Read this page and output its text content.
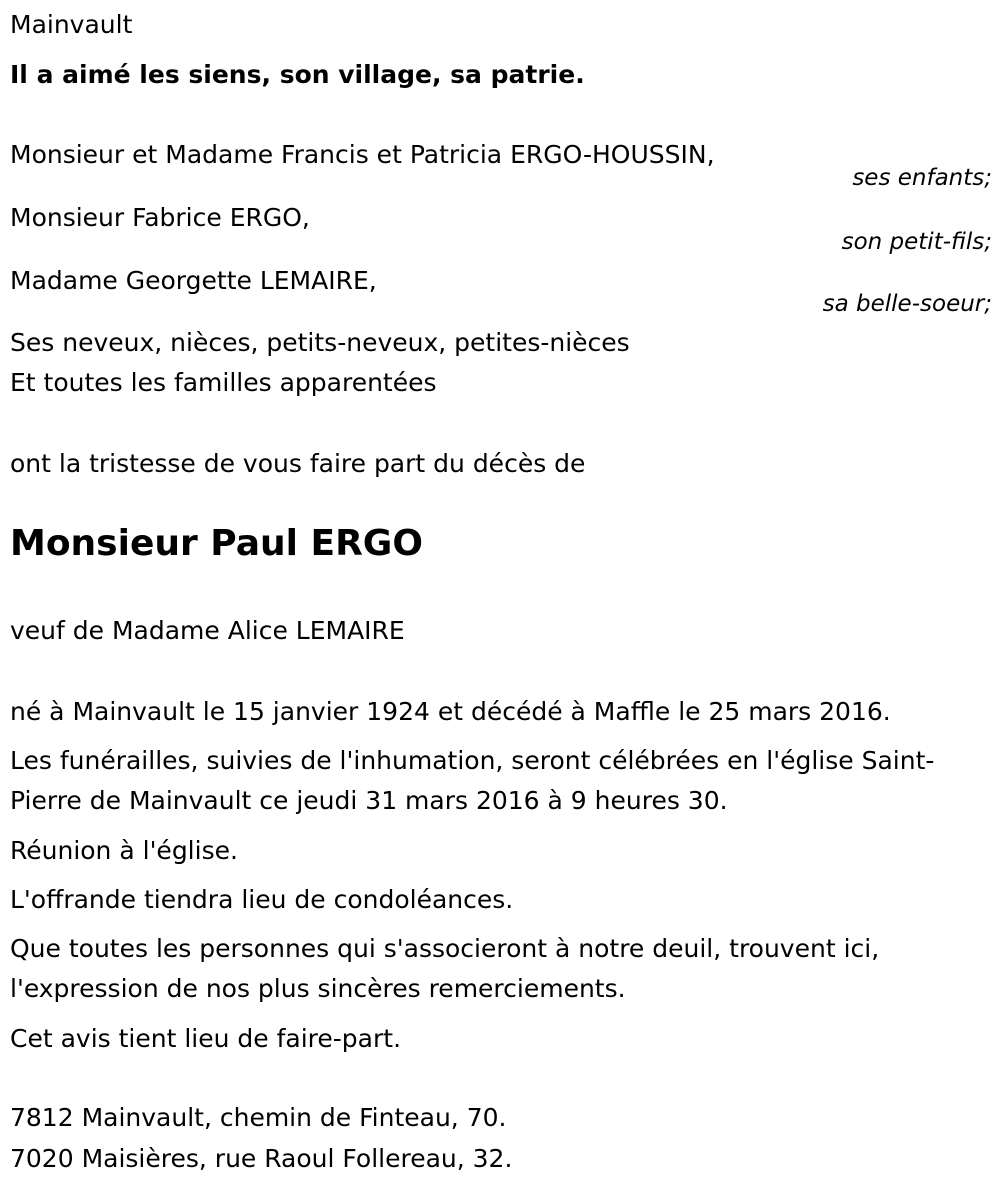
Mainvault
Il a aimé les siens, son village, sa patrie.
Monsieur et Madame Francis et Patricia ERGO-HOUSSIN,
ses enfants;
Monsieur Fabrice ERGO,
son petit-fils;
Madame Georgette LEMAIRE,
sa belle-soeur;
Ses neveux, nièces, petits-neveux, petites-nièces
Et toutes les familles apparentées
ont la tristesse de vous faire part du décès de
Monsieur Paul ERGO
veuf de Madame Alice LEMAIRE
né à Mainvault le 15 janvier 1924 et décédé à Maffle le 25 mars 2016.
Les funérailles, suivies de l'inhumation, seront célébrées en l'église Saint-Pierre de Mainvault ce jeudi 31 mars 2016 à 9 heures 30.
Réunion à l'église.
L'offrande tiendra lieu de condoléances.
Que toutes les personnes qui s'associeront à notre deuil, trouvent ici, l'expression de nos plus sincères remerciements.
Cet avis tient lieu de faire-part.
7812 Mainvault, chemin de Finteau, 70.
7020 Maisières, rue Raoul Follereau, 32.
